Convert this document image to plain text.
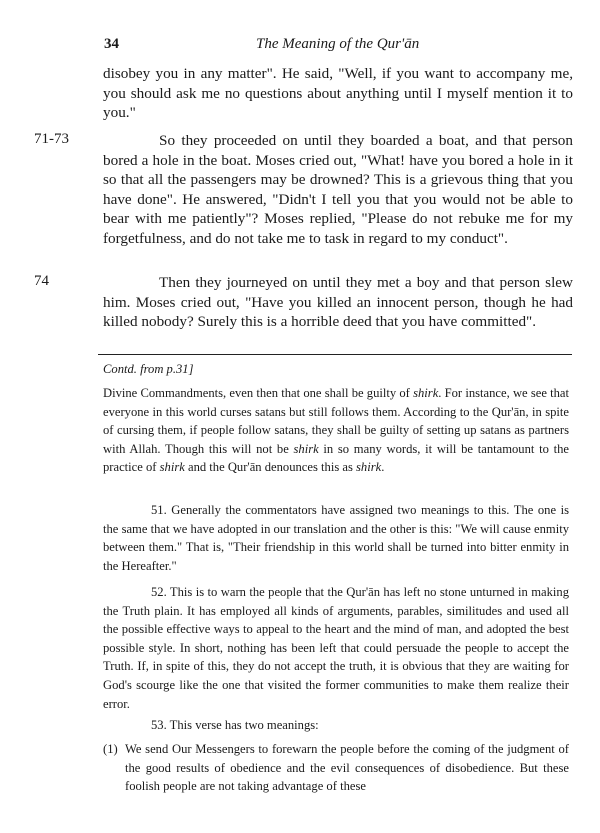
34	The Meaning of the Qur'ān

disobey you in any matter". He said, "Well, if you want to accompany me, you should ask me no questions about anything until I myself mention it to you."

71-73	So they proceeded on until they boarded a boat, and that person bored a hole in the boat. Moses cried out, "What! have you bored a hole in it so that all the passengers may be drowned? This is a grievous thing that you have done". He answered, "Didn't I tell you that you would not be able to bear with me patiently"? Moses replied, "Please do not rebuke me for my forgetfulness, and do not take me to task in regard to my conduct".

74	Then they journeyed on until they met a boy and that person slew him. Moses cried out, "Have you killed an innocent person, though he had killed nobody? Surely this is a horrible deed that you have committed".

Contd. from p.31]

Divine Commandments, even then that one shall be guilty of shirk. For instance, we see that everyone in this world curses satans but still follows them. According to the Qur'ān, in spite of cursing them, if people follow satans, they shall be guilty of setting up satans as partners with Allah. Though this will not be shirk in so many words, it will be tantamount to the practice of shirk and the Qur'ān denounces this as shirk.

51. Generally the commentators have assigned two meanings to this. The one is the same that we have adopted in our translation and the other is this: "We will cause enmity between them." That is, "Their friendship in this world shall be turned into bitter enmity in the Hereafter."

52. This is to warn the people that the Qur'ān has left no stone unturned in making the Truth plain. It has employed all kinds of arguments, parables, similitudes and used all the possible effective ways to appeal to the heart and the mind of man, and adopted the best possible style. In short, nothing has been left that could persuade the people to accept the Truth. If, in spite of this, they do not accept the truth, it is obvious that they are waiting for God's scourge like the one that visited the former communities to make them realize their error.

53. This verse has two meanings:

(1) We send Our Messengers to forewarn the people before the coming of the judgment of the good results of obedience and the evil consequences of disobedience. But these foolish people are not taking advantage of these
